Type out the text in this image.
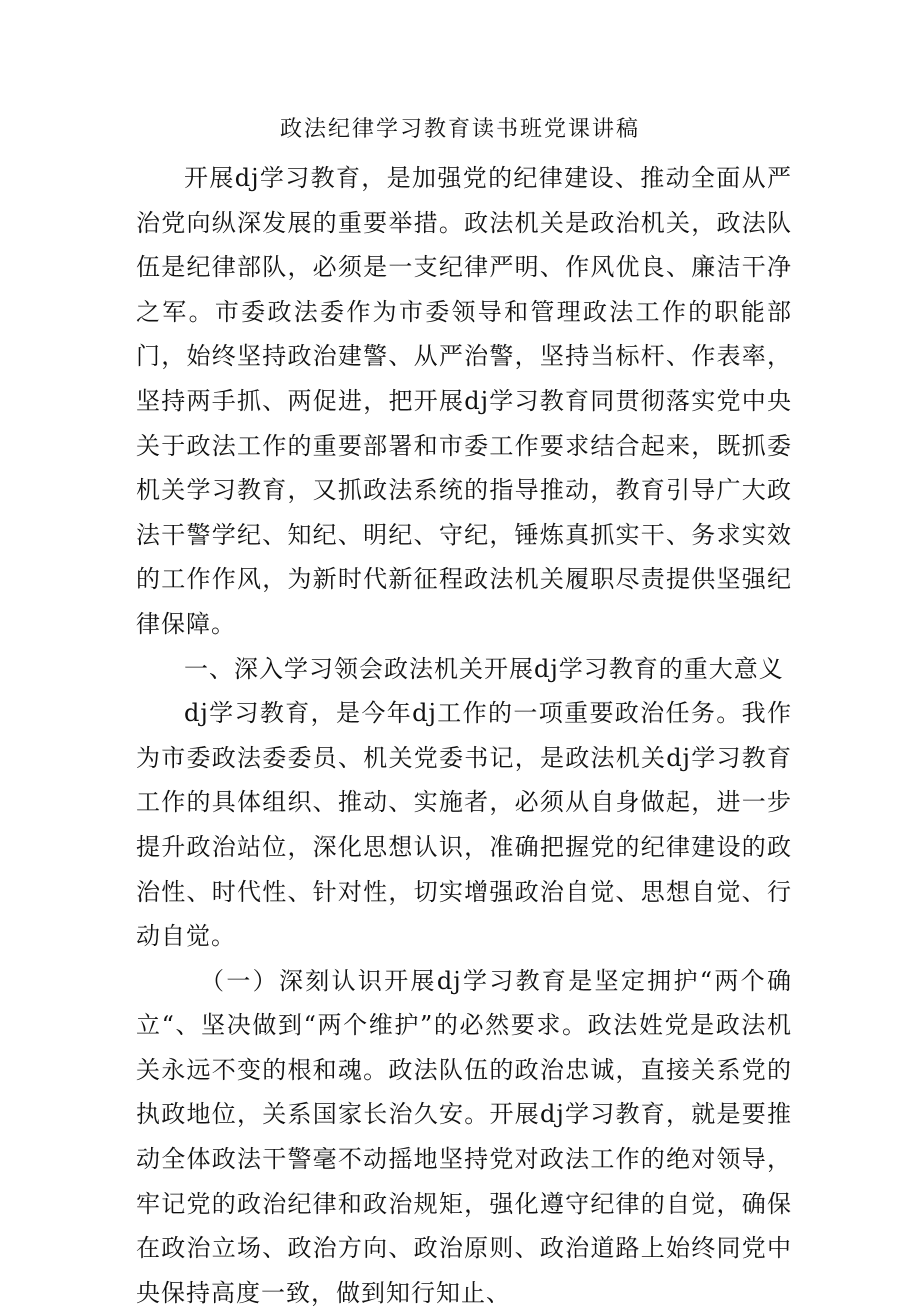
政法纪律学习教育读书班党课讲稿

开展dj学习教育，是加强党的纪律建设、推动全面从严治党向纵深发展的重要举措。政法机关是政治机关，政法队伍是纪律部队，必须是一支纪律严明、作风优良、廉洁干净之军。市委政法委作为市委领导和管理政法工作的职能部门，始终坚持政治建警、从严治警，坚持当标杆、作表率，坚持两手抓、两促进，把开展dj学习教育同贯彻落实党中央关于政法工作的重要部署和市委工作要求结合起来，既抓委机关学习教育，又抓政法系统的指导推动，教育引导广大政法干警学纪、知纪、明纪、守纪，锤炼真抓实干、务求实效的工作作风，为新时代新征程政法机关履职尽责提供坚强纪律保障。

一、深入学习领会政法机关开展dj学习教育的重大意义

dj学习教育，是今年dj工作的一项重要政治任务。我作为市委政法委委员、机关党委书记，是政法机关dj学习教育工作的具体组织、推动、实施者，必须从自身做起，进一步提升政治站位，深化思想认识，准确把握党的纪律建设的政治性、时代性、针对性，切实增强政治自觉、思想自觉、行动自觉。

（一）深刻认识开展dj学习教育是坚定拥护“两个确立“、坚决做到“两个维护”的必然要求。政法姓党是政法机关永远不变的根和魂。政法队伍的政治忠诚，直接关系党的执政地位，关系国家长治久安。开展dj学习教育，就是要推动全体政法干警毫不动摇地坚持党对政法工作的绝对领导，牢记党的政治纪律和政治规矩，强化遵守纪律的自觉，确保在政治立场、政治方向、政治原则、政治道路上始终同党中央保持高度一致，做到知行知止、
